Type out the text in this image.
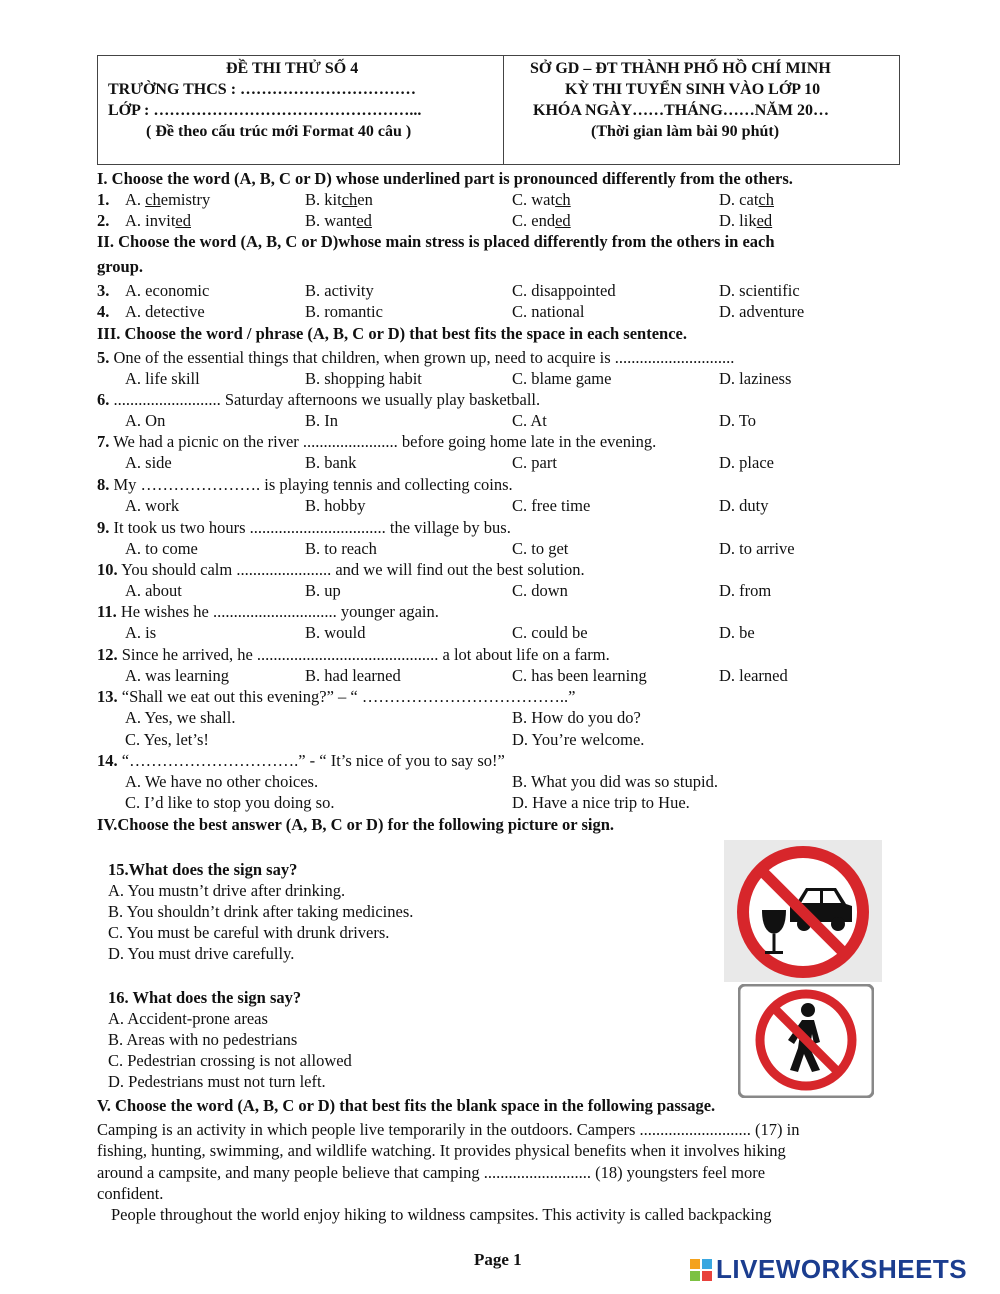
ĐỀ THI THỬ SỐ 4
TRƯỜNG THCS : ……………………………
LỚP : …………………………………………...
( Đề theo cấu trúc mới Format 40 câu )
SỞ GD – ĐT THÀNH PHỐ HỒ CHÍ MINH
KỲ THI TUYỂN SINH VÀO LỚP 10
KHÓA NGÀY……THÁNG……NĂM 20…
(Thời gian làm bài 90 phút)
I. Choose the word (A, B, C or D) whose underlined part is pronounced differently from the others.
1. A. chemistry	B. kitchen	C. watch	D. catch
2. A. invited	B. wanted	C. ended	D. liked
II. Choose the word (A, B, C or D)whose main stress is placed differently from the others in each
group.
3. A. economic	B. activity	C. disappointed	D. scientific
4. A. detective	B. romantic	C. national	D. adventure
III. Choose the word / phrase (A, B, C or D) that best fits the space in each sentence.
5. One of the essential things that children, when grown up, need to acquire is .............................
A. life skill	B. shopping habit	C. blame game	D. laziness
6. .......................... Saturday afternoons we usually play basketball.
A. On	B. In	C. At	D. To
7. We had a picnic on the river ....................... before going home late in the evening.
A. side	B. bank	C. part	D. place
8. My …………………. is playing tennis and collecting coins.
A. work	B. hobby	C. free time	D. duty
9. It took us two hours ................................. the village by bus.
A. to come	B. to reach	C. to get	D. to arrive
10. You should calm ....................... and we will find out the best solution.
A. about	B. up	C. down	D. from
11. He wishes he .............................. younger again.
A. is	B. would	C. could be	D. be
12. Since he arrived, he ............................................ a lot about life on a farm.
A. was learning	B. had learned	C. has been learning	D. learned
13. “Shall we eat out this evening?” – “ ………………………………..”
A. Yes, we shall.	B. How do you do?
C. Yes, let’s!	D. You’re welcome.
14. “………………………….” - “ It’s nice of you to say so!”
A. We have no other choices.	B. What you did was so stupid.
C. I’d like to stop you doing so.	D. Have a nice trip to Hue.
IV.Choose the best answer (A, B, C or D) for the following picture or sign.
15.What does the sign say?
A. You mustn’t drive after drinking.
B. You shouldn’t drink after taking medicines.
C. You must be careful with drunk drivers.
D. You must drive carefully.
16. What does the sign say?
A. Accident-prone areas
B. Areas with no pedestrians
C. Pedestrian crossing is not allowed
D. Pedestrians must not turn left.
V. Choose the word (A, B, C or D) that best fits the blank space in the following passage.
Camping is an activity in which people live temporarily in the outdoors. Campers ........................... (17) in
fishing, hunting, swimming, and wildlife watching. It provides physical benefits when it involves hiking
around a campsite, and many people believe that camping .......................... (18) youngsters feel more
confident.
People throughout the world enjoy hiking to wildness campsites. This activity is called backpacking
Page 1	LIVEWORKSHEETS
